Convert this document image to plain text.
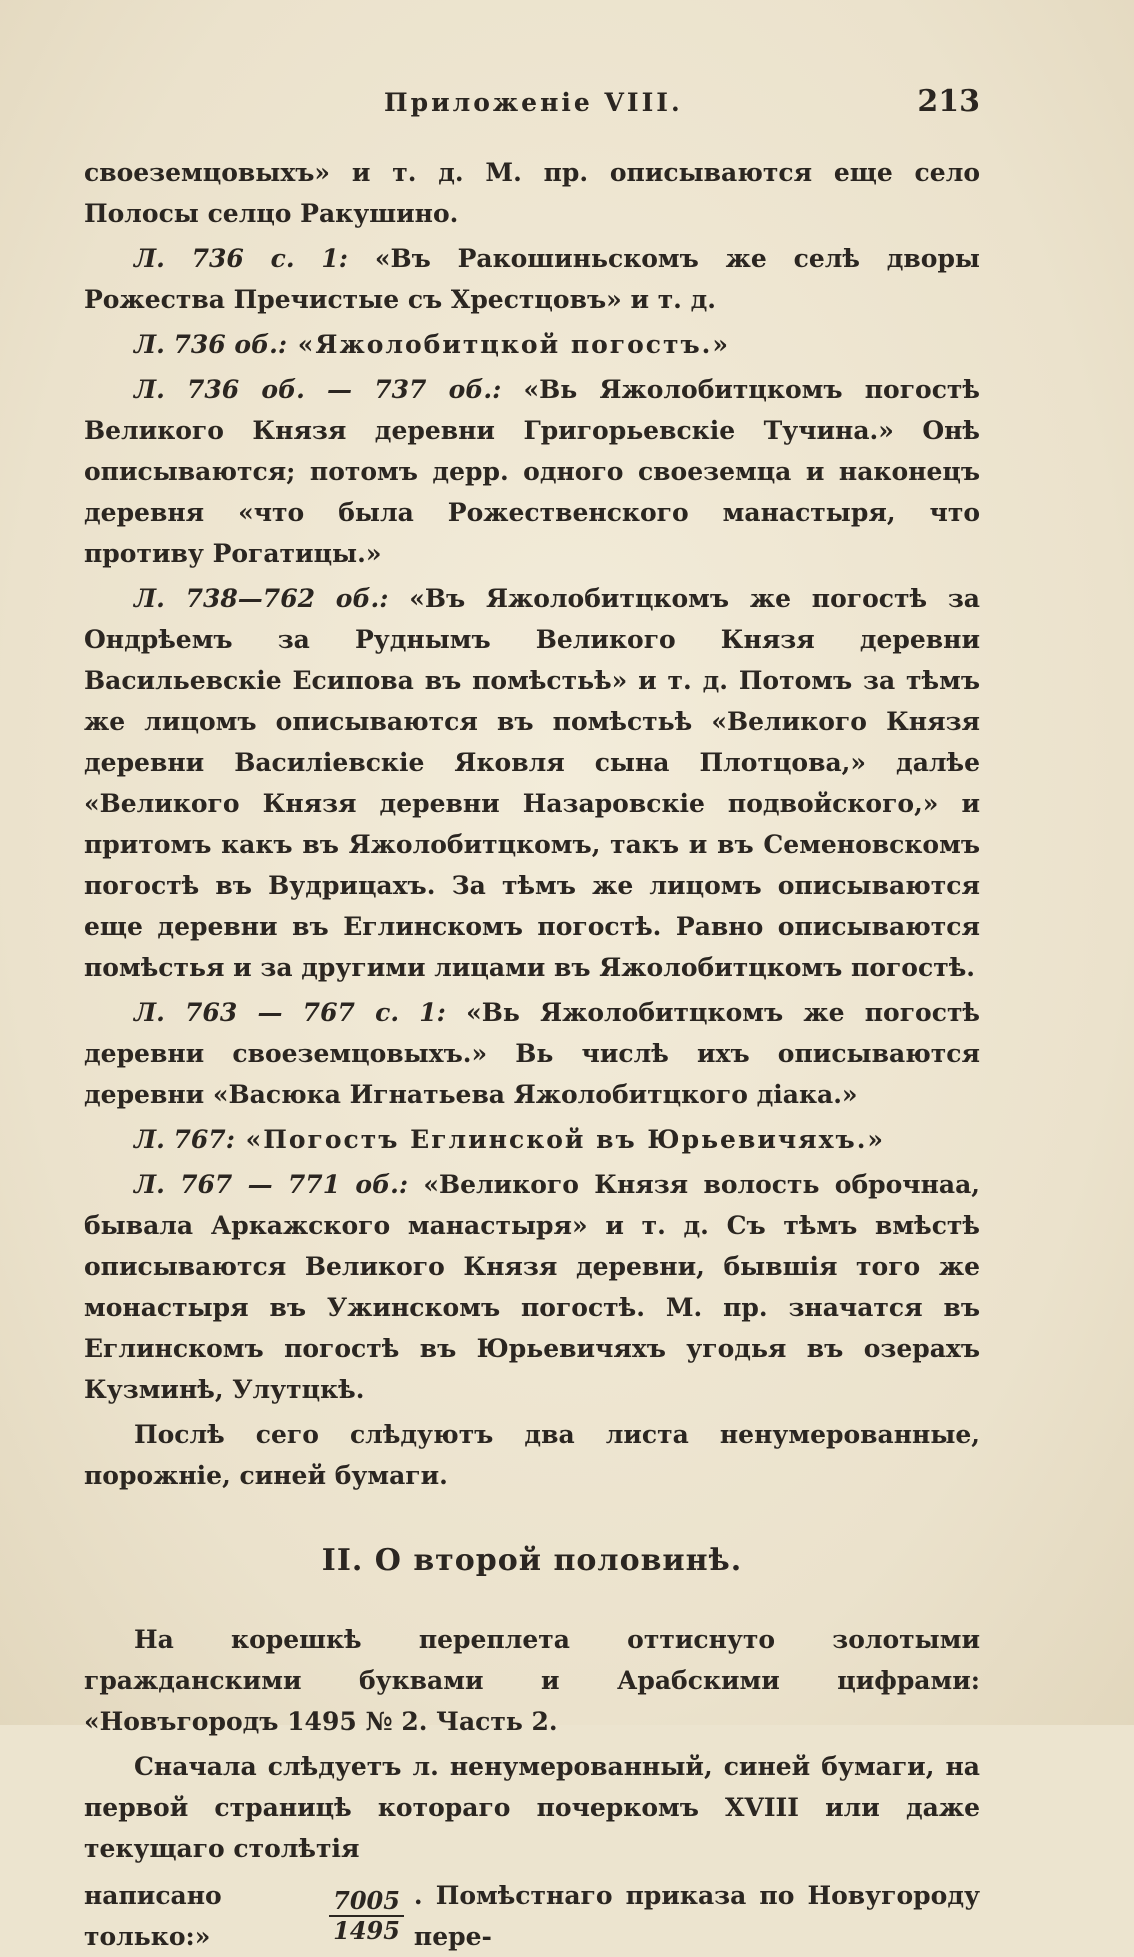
Приложеніе VIII.	213

своеземцовыхъ» и т. д. М. пр. описываются еще село Полосы селцо Ракушино.

Л. 736 с. 1: «Въ Ракошиньскомъ же селѣ дворы Рожества Пречистые съ Хрестцовъ» и т. д.

Л. 736 об.: «Яжолобитцкой погостъ.»

Л. 736 об. — 737 об.: «Вь Яжолобитцкомъ погостѣ Великого Князя деревни Григорьевскіе Тучина.» Онѣ описываются; потомъ дерр. одного своеземца и наконецъ деревня «что была Рожественского манастыря, что противу Рогатицы.»

Л. 738—762 об.: «Въ Яжолобитцкомъ же погостѣ за Ондрѣемъ за Руднымъ Великого Князя деревни Васильевскіе Есипова въ помѣстьѣ» и т. д. Потомъ за тѣмъ же лицомъ описываются въ помѣстьѣ «Великого Князя деревни Василіевскіе Яковля сына Плотцова,» далѣе «Великого Князя деревни Назаровскіе подвойского,» и притомъ какъ въ Яжолобитцкомъ, такъ и въ Семеновскомъ погостѣ въ Вудрицахъ. За тѣмъ же лицомъ описываются еще деревни въ Еглинскомъ погостѣ. Равно описываются помѣстья и за другими лицами въ Яжолобитцкомъ погостѣ.

Л. 763 — 767 с. 1: «Вь Яжолобитцкомъ же погостѣ деревни своеземцовыхъ.» Вь числѣ ихъ описываются деревни «Васюка Игнатьева Яжолобитцкого діака.»

Л. 767: «Погостъ Еглинской въ Юрьевичяхъ.»

Л. 767 — 771 об.: «Великого Князя волость оброчнаа, бывала Аркажского манастыря» и т. д. Съ тѣмъ вмѣстѣ описываются Великого Князя деревни, бывшія того же монастыря въ Ужинскомъ погостѣ. М. пр. значатся въ Еглинскомъ погостѣ въ Юрьевичяхъ угодья въ озерахъ Кузминѣ, Улутцкѣ.

Послѣ сего слѣдуютъ два листа ненумерованные, порожніе, синей бумаги.

II. О второй половинѣ.

На корешкѣ переплета оттиснуто золотыми гражданскими буквами и Арабскими цифрами: «Новъгородъ 1495 № 2. Часть 2.

Сначала слѣдуетъ л. ненумерованный, синей бумаги, на первой страницѣ котораго почеркомъ XVIII или даже текущаго столѣтія

написано только:»	$\frac{7005}{1495}$ . Помѣстнаго приказа по Новугороду пере-
